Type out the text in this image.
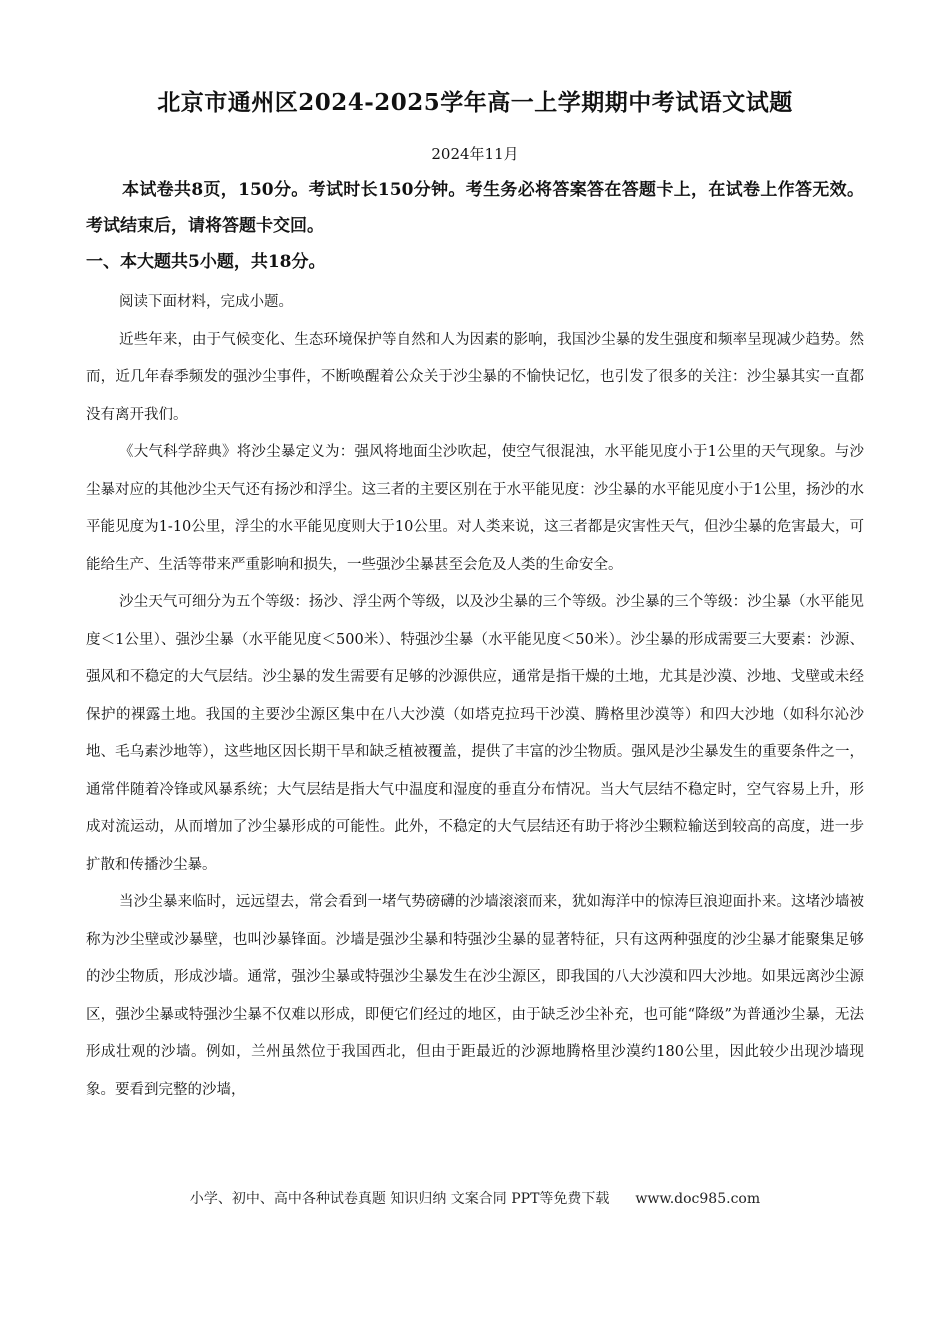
北京市通州区2024-2025学年高一上学期期中考试语文试题
2024年11月
本试卷共8页，150分。考试时长150分钟。考生务必将答案答在答题卡上，在试卷上作答无效。考试结束后，请将答题卡交回。
一、本大题共5小题，共18分。

阅读下面材料，完成小题。

近些年来，由于气候变化、生态环境保护等自然和人为因素的影响，我国沙尘暴的发生强度和频率呈现减少趋势。然而，近几年春季频发的强沙尘事件，不断唤醒着公众关于沙尘暴的不愉快记忆，也引发了很多的关注：沙尘暴其实一直都没有离开我们。

《大气科学辞典》将沙尘暴定义为：强风将地面尘沙吹起，使空气很混浊，水平能见度小于1公里的天气现象。与沙尘暴对应的其他沙尘天气还有扬沙和浮尘。这三者的主要区别在于水平能见度：沙尘暴的水平能见度小于1公里，扬沙的水平能见度为1-10公里，浮尘的水平能见度则大于10公里。对人类来说，这三者都是灾害性天气，但沙尘暴的危害最大，可能给生产、生活等带来严重影响和损失，一些强沙尘暴甚至会危及人类的生命安全。

沙尘天气可细分为五个等级：扬沙、浮尘两个等级，以及沙尘暴的三个等级。沙尘暴的三个等级：沙尘暴（水平能见度＜1公里）、强沙尘暴（水平能见度＜500米）、特强沙尘暴（水平能见度＜50米）。沙尘暴的形成需要三大要素：沙源、强风和不稳定的大气层结。沙尘暴的发生需要有足够的沙源供应，通常是指干燥的土地，尤其是沙漠、沙地、戈壁或未经保护的裸露土地。我国的主要沙尘源区集中在八大沙漠（如塔克拉玛干沙漠、腾格里沙漠等）和四大沙地（如科尔沁沙地、毛乌素沙地等），这些地区因长期干旱和缺乏植被覆盖，提供了丰富的沙尘物质。强风是沙尘暴发生的重要条件之一，通常伴随着冷锋或风暴系统；大气层结是指大气中温度和湿度的垂直分布情况。当大气层结不稳定时，空气容易上升，形成对流运动，从而增加了沙尘暴形成的可能性。此外，不稳定的大气层结还有助于将沙尘颗粒输送到较高的高度，进一步扩散和传播沙尘暴。

当沙尘暴来临时，远远望去，常会看到一堵气势磅礴的沙墙滚滚而来，犹如海洋中的惊涛巨浪迎面扑来。这堵沙墙被称为沙尘壁或沙暴壁，也叫沙暴锋面。沙墙是强沙尘暴和特强沙尘暴的显著特征，只有这两种强度的沙尘暴才能聚集足够的沙尘物质，形成沙墙。通常，强沙尘暴或特强沙尘暴发生在沙尘源区，即我国的八大沙漠和四大沙地。如果远离沙尘源区，强沙尘暴或特强沙尘暴不仅难以形成，即便它们经过的地区，由于缺乏沙尘补充，也可能“降级”为普通沙尘暴，无法形成壮观的沙墙。例如，兰州虽然位于我国西北，但由于距最近的沙源地腾格里沙漠约180公里，因此较少出现沙墙现象。要看到完整的沙墙，

小学、初中、高中各种试卷真题 知识归纳 文案合同 PPT等免费下载 www.doc985.com
